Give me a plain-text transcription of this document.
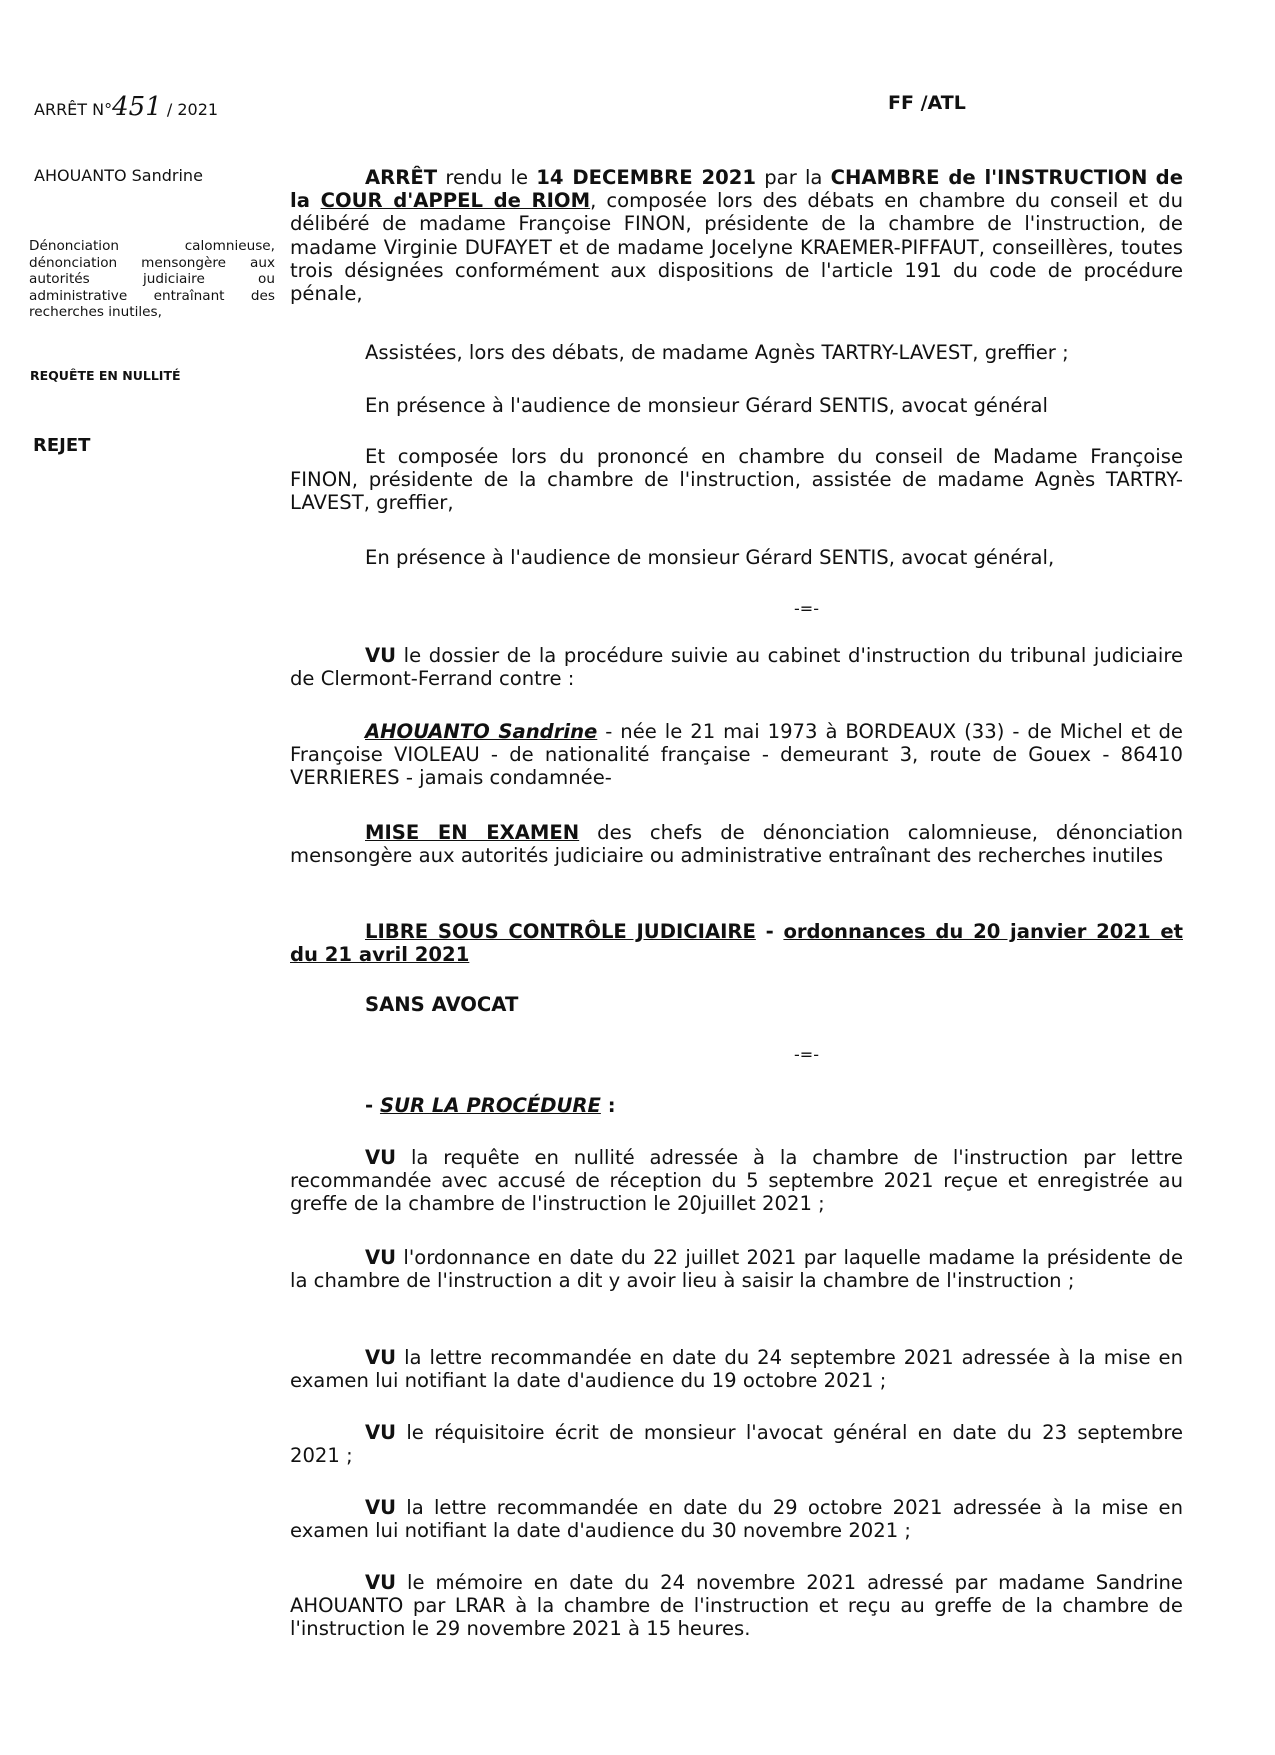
ARRÊT N°451 / 2021	FF /ATL
AHOUANTO Sandrine
Dénonciation calomnieuse, dénonciation mensongère aux autorités judiciaire ou administrative entraînant des recherches inutiles,
REQUÊTE EN NULLITÉ
REJET

ARRÊT rendu le 14 DECEMBRE 2021 par la CHAMBRE de l'INSTRUCTION de la COUR d'APPEL de RIOM, composée lors des débats en chambre du conseil et du délibéré de madame Françoise FINON, présidente de la chambre de l'instruction, de madame Virginie DUFAYET et de madame Jocelyne KRAEMER-PIFFAUT, conseillères, toutes trois désignées conformément aux dispositions de l'article 191 du code de procédure pénale,

Assistées, lors des débats, de madame Agnès TARTRY-LAVEST, greffier ;

En présence à l'audience de monsieur Gérard SENTIS, avocat général

Et composée lors du prononcé en chambre du conseil de Madame Françoise FINON, présidente de la chambre de l'instruction, assistée de madame Agnès TARTRY-LAVEST, greffier,

En présence à l'audience de monsieur Gérard SENTIS, avocat général,

-=-

VU le dossier de la procédure suivie au cabinet d'instruction du tribunal judiciaire de Clermont-Ferrand contre :

AHOUANTO Sandrine - née le 21 mai 1973 à BORDEAUX (33) - de Michel et de Françoise VIOLEAU - de nationalité française - demeurant 3, route de Gouex - 86410 VERRIERES - jamais condamnée-

MISE EN EXAMEN des chefs de dénonciation calomnieuse, dénonciation mensongère aux autorités judiciaire ou administrative entraînant des recherches inutiles

LIBRE SOUS CONTRÔLE JUDICIAIRE - ordonnances du 20 janvier 2021 et du 21 avril 2021

SANS AVOCAT

-=-

- SUR LA PROCÉDURE :

VU la requête en nullité adressée à la chambre de l'instruction par lettre recommandée avec accusé de réception du 5 septembre 2021 reçue et enregistrée au greffe de la chambre de l'instruction le 20juillet 2021 ;

VU l'ordonnance en date du 22 juillet 2021 par laquelle madame la présidente de la chambre de l'instruction a dit y avoir lieu à saisir la chambre de l'instruction ;

VU la lettre recommandée en date du 24 septembre 2021 adressée à la mise en examen lui notifiant la date d'audience du 19 octobre 2021 ;

VU le réquisitoire écrit de monsieur l'avocat général en date du 23 septembre 2021 ;

VU la lettre recommandée en date du 29 octobre 2021 adressée à la mise en examen lui notifiant la date d'audience du 30 novembre 2021 ;

VU le mémoire en date du 24 novembre 2021 adressé par madame Sandrine AHOUANTO par LRAR à la chambre de l'instruction et reçu au greffe de la chambre de l'instruction le 29 novembre 2021 à 15 heures.
